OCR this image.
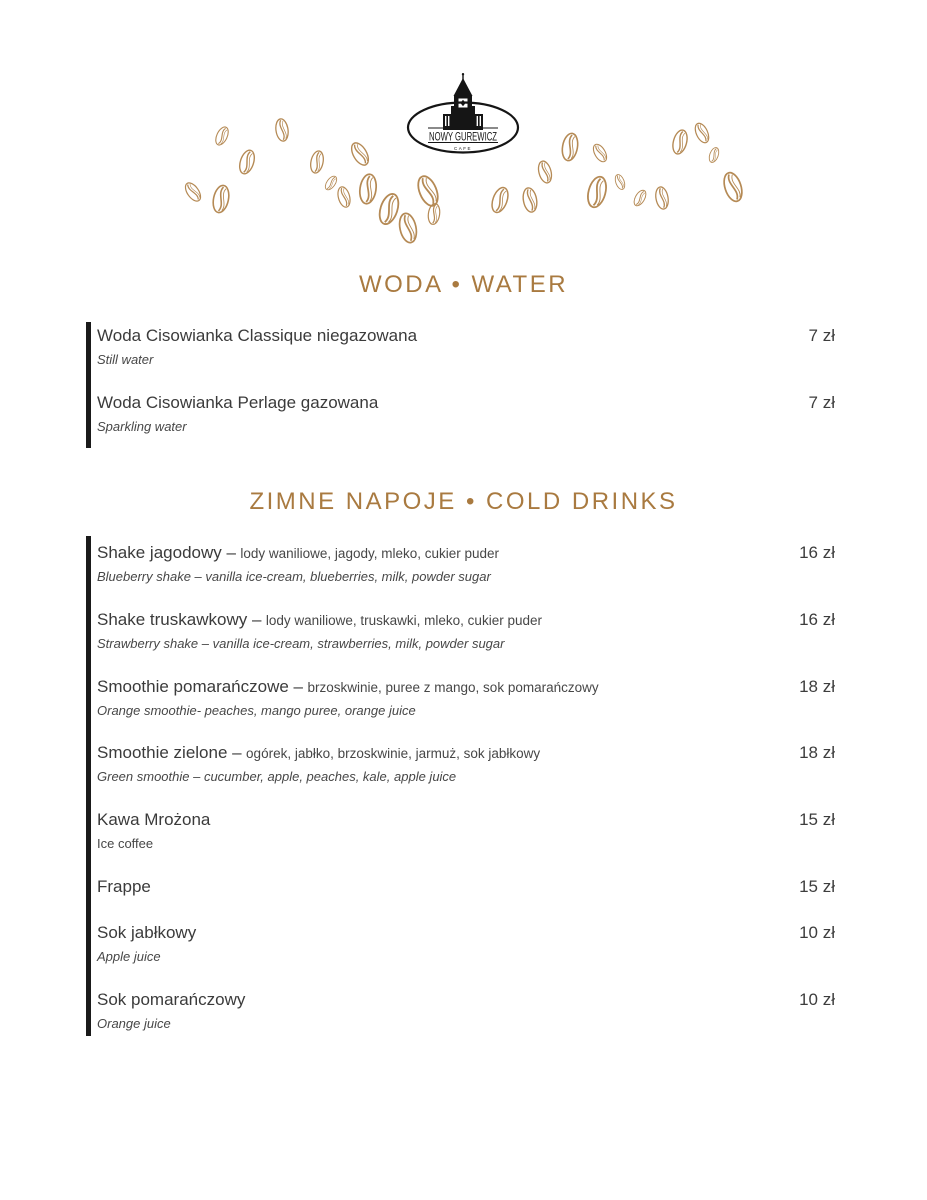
NOWY GUREWICZ
CAFE
WODA • WATER
Woda Cisowianka Classique niegazowana
Still water
7 zł
Woda Cisowianka Perlage gazowana
Sparkling water
7 zł
ZIMNE NAPOJE • COLD DRINKS
Shake jagodowy – lody waniliowe, jagody, mleko, cukier puder
Blueberry shake – vanilla ice-cream, blueberries, milk, powder sugar
16 zł
Shake truskawkowy – lody waniliowe, truskawki, mleko, cukier puder
Strawberry shake – vanilla ice-cream, strawberries, milk, powder sugar
16 zł
Smoothie pomarańczowe – brzoskwinie, puree z mango, sok pomarańczowy
Orange smoothie- peaches, mango puree, orange juice
18 zł
Smoothie zielone – ogórek, jabłko, brzoskwinie, jarmuż, sok jabłkowy
Green smoothie – cucumber, apple, peaches, kale, apple juice
18 zł
Kawa Mrożona
Ice coffee
15 zł
Frappe	15 zł
Sok jabłkowy
Apple juice
10 zł
Sok pomarańczowy
Orange juice
10 zł
